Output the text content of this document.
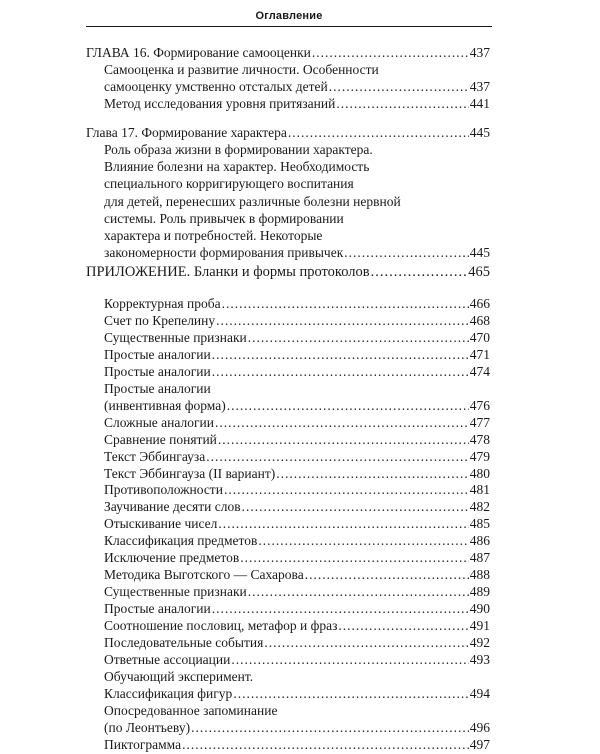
Оглавление
ГЛАВА 16. Формирование самооценки .....	437
Самооценка и развитие личности. Особенности
самооценку умственно отсталых детей .....	437
Метод исследования уровня притязаний .....	441
Глава 17. Формирование характера .....	445
Роль образа жизни в формировании характера.
Влияние болезни на характер. Необходимость
специального корригирующего воспитания
для детей, перенесших различные болезни нервной
системы. Роль привычек в формировании
характера и потребностей. Некоторые
закономерности формирования привычек .....	445
ПРИЛОЖЕНИЕ. Бланки и формы протоколов .....	465
Корректурная проба .....	466
Счет по Крепелину .....	468
Существенные признаки .....	470
Простые аналогии .....	471
Простые аналогии .....	474
Простые аналогии
(инвентивная форма) .....	476
Сложные аналогии .....	477
Сравнение понятий .....	478
Текст Эббингауза .....	479
Текст Эббингауза (II вариант) .....	480
Противоположности .....	481
Заучивание десяти слов .....	482
Отыскивание чисел .....	485
Классификация предметов .....	486
Исключение предметов .....	487
Методика Выготского — Сахарова .....	488
Существенные признаки .....	489
Простые аналогии .....	490
Соотношение пословиц, метафор и фраз .....	491
Последовательные события .....	492
Ответные ассоциации .....	493
Обучающий эксперимент.
Классификация фигур .....	494
Опосредованное запоминание
(по Леонтьеву) .....	496
Пиктограмма .....	497
